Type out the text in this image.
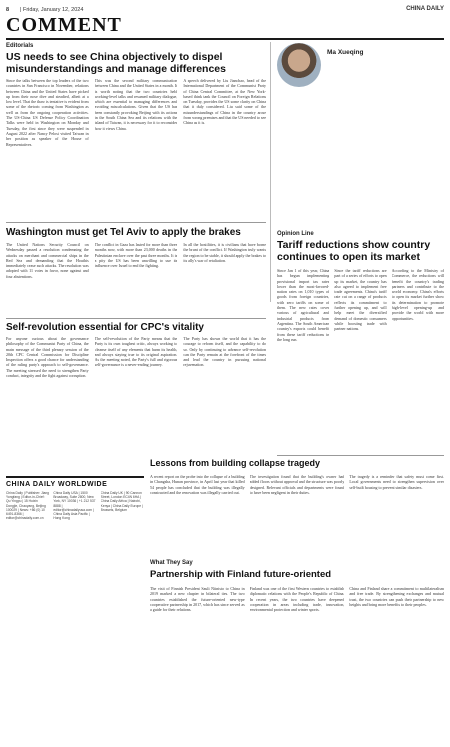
8 | Friday, January 12, 2024	CHINA DAILY
COMMENT
Editorials
US needs to see China objectively to dispel misunderstandings and manage differences
Since the talks between the top leaders of the two countries in San Francisco in November, relations between China and the United States have picked up from their nose dive and steadied, albeit at a low level. That the thaw is tentative is evident from some of the rhetoric coming from Washington as well as from the ongoing cooperation activities. The US-China US Defense Policy Coordination Talks were held in Washington on Monday and Tuesday, the first since they were suspended in August 2022 after Nancy Pelosi visited Taiwan in her position as speaker of the House of Representatives.
This was the second military communication between China and the United States in a month. It is worth noting that the two countries held working-level talks and resumed military dialogue, which are essential to managing differences and avoiding miscalculations. Given that the US has been constantly provoking Beijing with its actions in the South China Sea and its relations with the island of Taiwan, it is necessary for it to reconsider how it views China.
A speech delivered by Liu Jianchao, head of the International Department of the Communist Party of China Central Committee, at the New York-based think tank the Council on Foreign Relations on Tuesday, provides the US some clarity on China that it duly considered. Liu said some of the misunderstandings of China in the country arose from wrong premises and that the US needed to see China as it is.
Ma Xueqing
Opinion Line
Tariff reductions show country continues to open its market
Since Jan 1 of this year, China has begun implementing provisional import tax rates lower than the most-favored-nation rates on 1,010 types of goods from foreign countries, with zero tariffs on some of them. The new rates cover various of agricultural and industrial products from Argentina. The South American country's exports could benefit from these tariff reductions in the long run.
Since the tariff reductions are part of a series of efforts to open up its market, the country has also agreed to implement free trade agreements. China's tariff rate cut on a range of products reflects its commitment to further opening up, and will help meet the diversified demand of domestic consumers while boosting trade with partner nations.
According to the Ministry of Commerce, the reductions will benefit the country's trading partners and contribute to the world economy. China's efforts to open its market further show its determination to promote high-level opening-up and provide the world with more opportunities.
Washington must get Tel Aviv to apply the brakes
The United Nations Security Council on Wednesday passed a resolution condemning the attacks on merchant and commercial ships in the Red Sea and demanding that the Houthis immediately cease such attacks. The resolution was adopted with 11 votes in favor, none against and four abstentions.
The conflict in Gaza has lasted for more than three months now, with more than 23,000 deaths in the Palestinian enclave over the past three months. It is a pity the US has been unwilling to use its influence over Israel to end the fighting.
In all the hostilities, it is civilians that have borne the brunt of the conflict. If Washington truly wants the region to be stable, it should apply the brakes to its ally's war of retaliation.
Self-revolution essential for CPC's vitality
For anyone curious about the governance philosophy of the Communist Party of China, the main message of the third plenary session of the 20th CPC Central Commission for Discipline Inspection offers a good chance for understanding of the ruling party's approach to self-governance. The meeting stressed the need to strengthen Party conduct, integrity and the fight against corruption.
The self-revolution of the Party means that the Party is its own toughest critic, always working to cleanse itself of any elements that harm its health, and always staying true to its original aspiration. As the meeting noted, the Party's full and rigorous self-governance is a never-ending journey.
The Party has shown the world that it has the courage to reform itself, and the capability to do so. Only by continuing to advance self-revolution can the Party remain at the forefront of the times and lead the country in pursuing national rejuvenation.
Lessons from building collapse tragedy
A recent report on the probe into the collapse of a building in Changsha, Hunan province, in April last year that killed 54 people has concluded that the building was illegally constructed and the renovation was illegally carried out.
The investigation found that the building's owner had added floors without approval and the structure was poorly designed. Relevant officials and departments were found to have been negligent in their duties.
The tragedy is a reminder that safety must come first. Local governments need to strengthen supervision over self-built housing to prevent similar disasters.
What They Say
Partnership with Finland future-oriented
The visit of Finnish President Sauli Niinisto to China in 2019 marked a new chapter in bilateral ties. The two countries established the future-oriented new-type cooperative partnership in 2017, which has since served as a guide for their relations.
Finland was one of the first Western countries to establish diplomatic relations with the People's Republic of China. In recent years, the two countries have deepened cooperation in areas including trade, innovation, environmental protection and winter sports.
China and Finland share a commitment to multilateralism and free trade. By strengthening exchanges and mutual trust, the two countries can push their partnership to new heights and bring more benefits to their peoples.
CHINA DAILY WORLDWIDE
China Daily | Publisher: Jiang Yongfang | Editor-in-Chief: Qu Yingpu | 15 Huixin Dongjie, Chaoyang, Beijing 100029 | News: +86 (0) 10 6491-8366 | editor@chinadaily.com.cn
China Daily USA | 1500 Broadway, Suite 2800, New York, NY 10036 | +1 212 537 8888 | editor@chinadailyusa.com | China Daily Asia Pacific | Hong Kong
China Daily UK | 90 Cannon Street, London EC4N 6HA | China Daily Africa | Nairobi, Kenya | China Daily Europe | Brussels, Belgium
